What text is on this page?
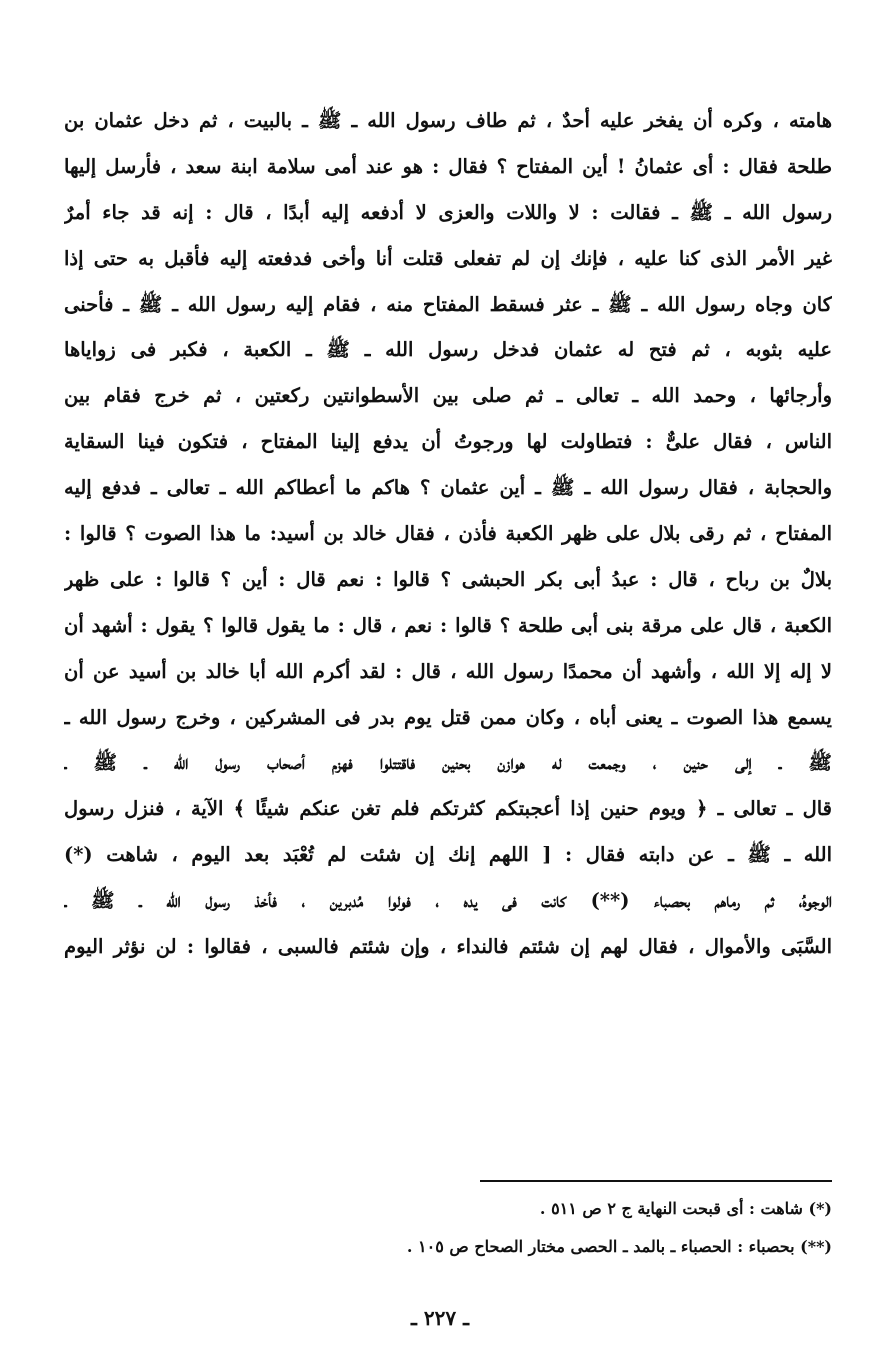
هامته ، وكره أن يفخر عليه أحدٌ ، ثم طاف رسول الله ـ ﷺ ـ بالبيت ، ثم دخل عثمان بن
طلحة فقال : أى عثمانُ ! أين المفتاح ؟ فقال : هو عند أمى سلامة ابنة سعد ، فأرسل إليها
رسول الله ـ ﷺ ـ فقالت : لا واللات والعزى لا أدفعه إليه أبدًا ، قال : إنه قد جاء أمرٌ
غير الأمر الذى كنا عليه ، فإنك إن لم تفعلى قتلت أنا وأخى فدفعته إليه فأقبل به حتى إذا
كان وجاه رسول الله ـ ﷺ ـ عثر فسقط المفتاح منه ، فقام إليه رسول الله ـ ﷺ ـ فأحنى
عليه بثوبه ، ثم فتح له عثمان فدخل رسول الله ـ ﷺ ـ الكعبة ، فكبر فى زواياها
وأرجائها ، وحمد الله ـ تعالى ـ ثم صلى بين الأسطوانتين ركعتين ، ثم خرج فقام بين
الناس ، فقال علىٌّ : فتطاولت لها ورجوتُ أن يدفع إلينا المفتاح ، فتكون فينا السقاية
والحجابة ، فقال رسول الله ـ ﷺ ـ أين عثمان ؟ هاكم ما أعطاكم الله ـ تعالى ـ فدفع إليه
المفتاح ، ثم رقى بلال على ظهر الكعبة فأذن ، فقال خالد بن أسيد: ما هذا الصوت ؟ قالوا :
بلالٌ بن رباح ، قال : عبدُ أبى بكر الحبشى ؟ قالوا : نعم قال : أين ؟ قالوا : على ظهر
الكعبة ، قال على مرقة بنى أبى طلحة ؟ قالوا : نعم ، قال : ما يقول قالوا ؟ يقول : أشهد أن
لا إله إلا الله ، وأشهد أن محمدًا رسول الله ، قال : لقد أكرم الله أبا خالد بن أسيد عن أن
يسمع هذا الصوت ـ يعنى أباه ، وكان ممن قتل يوم بدر فى المشركين ، وخرج رسول الله ـ
ﷺ ـ إلى حنين ، وجمعت له هوازن بحنين فاقتتلوا فهزم أصحاب رسول الله ـ ﷺ ـ
قال ـ تعالى ـ ﴿ ويوم حنين إذا أعجبتكم كثرتكم فلم تغن عنكم شيئًا ﴾ الآية ، فنزل رسول
الله ـ ﷺ ـ عن دابته فقال : [ اللهم إنك إن شئت لم تُعْبَد بعد اليوم ، شاهت (*)
الوجوهُ، ثم رماهم بحصباء (**) كانت فى يده ، فولوا مُدبرين ، فأخذ رسول الله ـ ﷺ ـ
السَّبَى والأموال ، فقال لهم إن شئتم فالنداء ، وإن شئتم فالسبى ، فقالوا : لن نؤثر اليوم
(*) شاهت : أى قبحت النهاية ج ٢ ص ٥١١ .
(**) بحصباء : الحصباء ـ بالمد ـ الحصى مختار الصحاح ص ١٠٥ .
ـ ٢٢٧ ـ
